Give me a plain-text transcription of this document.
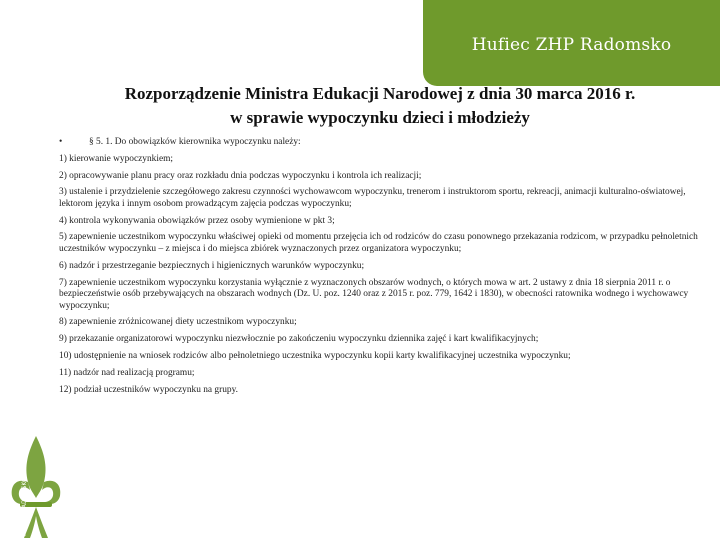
Hufiec ZHP Radomsko
Rozporządzenie Ministra Edukacji Narodowej z dnia 30 marca 2016 r.
w sprawie wypoczynku dzieci i młodzieży

•	§ 5. 1. Do obowiązków kierownika wypoczynku należy:

1) kierowanie wypoczynkiem;

2) opracowywanie planu pracy oraz rozkładu dnia podczas wypoczynku i kontrola ich realizacji;

3) ustalenie i przydzielenie szczegółowego zakresu czynności wychowawcom wypoczynku, trenerom i instruktorom sportu, rekreacji, animacji kulturalno-oświatowej, lektorom języka i innym osobom prowadzącym zajęcia podczas wypoczynku;

4) kontrola wykonywania obowiązków przez osoby wymienione w pkt 3;

5) zapewnienie uczestnikom wypoczynku właściwej opieki od momentu przejęcia ich od rodziców do czasu ponownego przekazania rodzicom, w przypadku pełnoletnich uczestników wypoczynku – z miejsca i do miejsca zbiórek wyznaczonych przez organizatora wypoczynku;

6) nadzór i przestrzeganie bezpiecznych i higienicznych warunków wypoczynku;

7) zapewnienie uczestnikom wypoczynku korzystania wyłącznie z wyznaczonych obszarów wodnych, o których mowa w art. 2 ustawy z dnia 18 sierpnia 2011 r. o bezpieczeństwie osób przebywających na obszarach wodnych (Dz. U. poz. 1240 oraz z 2015 r. poz. 779, 1642 i 1830), w obecności ratownika wodnego i wychowawcy wypoczynku;

8) zapewnienie zróżnicowanej diety uczestnikom wypoczynku;

9) przekazanie organizatorowi wypoczynku niezwłocznie po zakończeniu wypoczynku dziennika zajęć i kart kwalifikacyjnych;

10) udostępnienie na wniosek rodziców albo pełnoletniego uczestnika wypoczynku kopii karty kwalifikacyjnej uczestnika wypoczynku;

11) nadzór nad realizacją programu;

12) podział uczestników wypoczynku na grupy.

HUFIEC RADOMSKO
